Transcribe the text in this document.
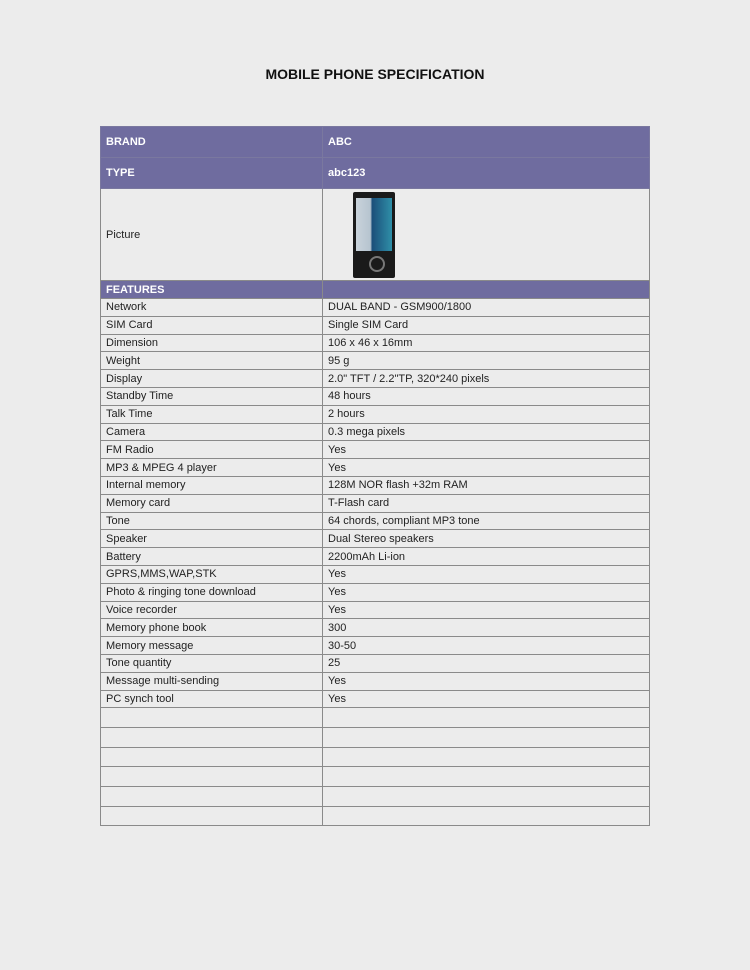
MOBILE PHONE SPECIFICATION
BRAND	ABC
TYPE	abc123
Picture	

FEATURES	
Network	DUAL BAND - GSM900/1800
SIM Card	Single SIM Card
Dimension	106 x 46 x 16mm
Weight	95 g
Display	2.0" TFT / 2.2"TP, 320*240 pixels
Standby Time	48 hours
Talk Time	2 hours
Camera	0.3 mega pixels
FM Radio	Yes
MP3 & MPEG 4 player	Yes
Internal memory	128M NOR flash +32m RAM
Memory card	T-Flash card
Tone	64 chords, compliant MP3 tone
Speaker	Dual Stereo speakers
Battery	2200mAh Li-ion
GPRS,MMS,WAP,STK	Yes
Photo & ringing tone download	Yes
Voice recorder	Yes
Memory phone book	300
Memory message	30-50
Tone quantity	25
Message multi-sending	Yes
PC synch tool	Yes
